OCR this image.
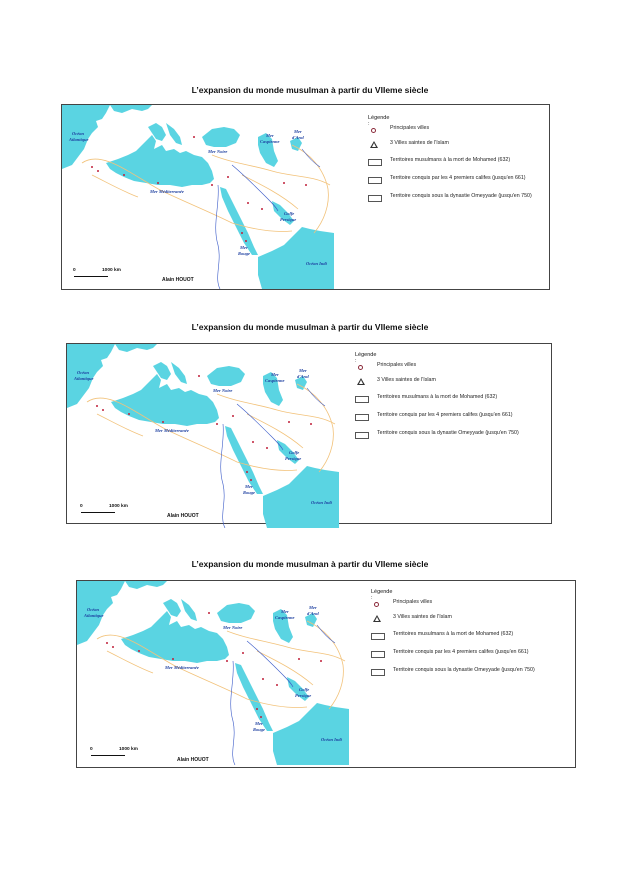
L’expansion du monde musulman à partir du VIIeme siècle
Océan
Atlantique
Mer Noire
Mer
Caspienne
Mer
d'Aral
Mer Méditerranée
Golfe
Persique
Mer
Rouge
Océan Indi
Légende :
Principales villes
3 Villes saintes de l'Islam
Territoires musulmans à la mort de Mohamed (632)
Territoire conquis par les 4 premiers califes (jusqu'en 661)
Territoire conquis sous la dynastie Omeyyade (jusqu'en 750)
0	1000 km
Alain HOUOT
L’expansion du monde musulman à partir du VIIeme siècle
Océan
Atlantique
Mer Noire
Mer
Caspienne
Mer
d'Aral
Mer Méditerranée
Golfe
Persique
Mer
Rouge
Océan Indi
Légende :
Principales villes
3 Villes saintes de l'Islam
Territoires musulmans à la mort de Mohamed (632)
Territoire conquis par les 4 premiers califes (jusqu'en 661)
Territoire conquis sous la dynastie Omeyyade (jusqu'en 750)
0	1000 km
Alain HOUOT
L’expansion du monde musulman à partir du VIIeme siècle
Océan
Atlantique
Mer Noire
Mer
Caspienne
Mer
d'Aral
Mer Méditerranée
Golfe
Persique
Mer
Rouge
Océan Indi
Légende :
Principales villes
3 Villes saintes de l'Islam
Territoires musulmans à la mort de Mohamed (632)
Territoire conquis par les 4 premiers califes (jusqu'en 661)
Territoire conquis sous la dynastie Omeyyade (jusqu'en 750)
0	1000 km
Alain HOUOT
